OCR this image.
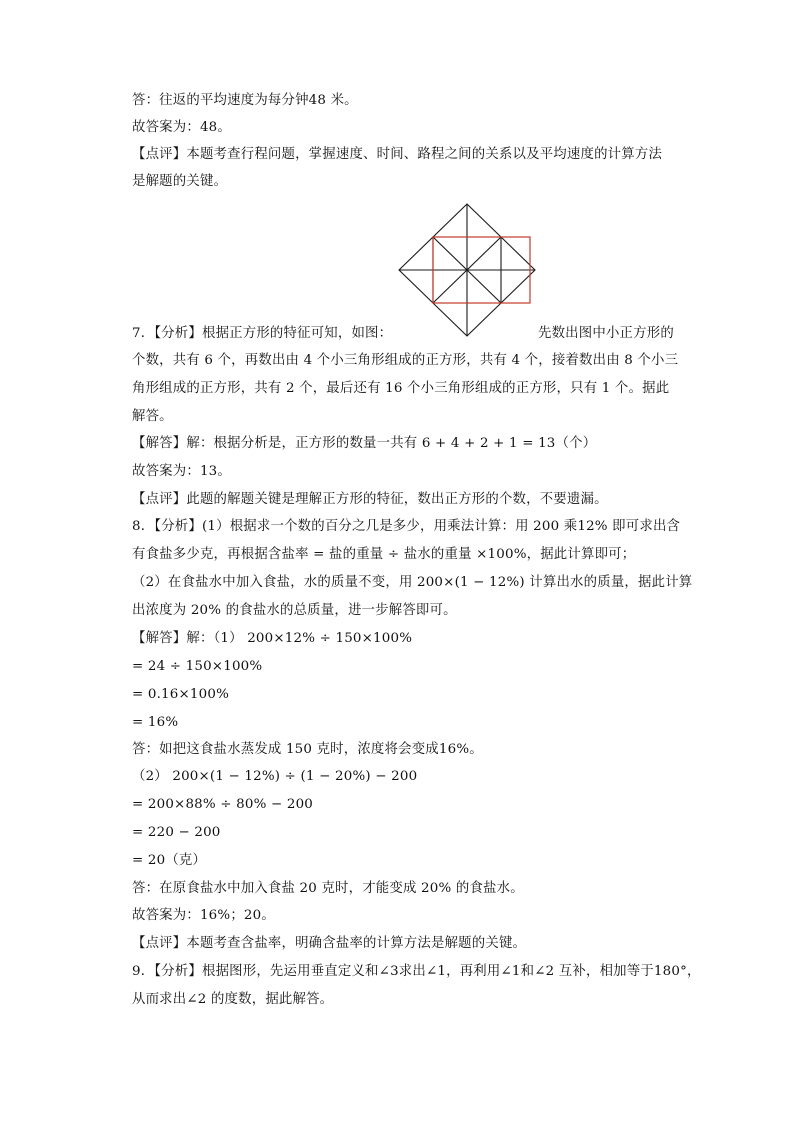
答：往返的平均速度为每分钟48 米。
故答案为：48。
【点评】本题考查行程问题，掌握速度、时间、路程之间的关系以及平均速度的计算方法
是解题的关键。
7．【分析】根据正方形的特征可知，如图：	先数出图中小正方形的
个数，共有 6 个，再数出由 4 个小三角形组成的正方形，共有 4 个，接着数出由 8 个小三
角形组成的正方形，共有 2 个，最后还有 16 个小三角形组成的正方形，只有 1 个。据此
解答。
【解答】解：根据分析是，正方形的数量一共有 6 + 4 + 2 + 1 = 13（个）
故答案为：13。
【点评】此题的解题关键是理解正方形的特征，数出正方形的个数，不要遗漏。
8．【分析】(1）根据求一个数的百分之几是多少，用乘法计算：用 200 乘12% 即可求出含
有食盐多少克，再根据含盐率 = 盐的重量 ÷ 盐水的重量 ×100%，据此计算即可；
（2）在食盐水中加入食盐，水的质量不变，用 200×(1 − 12%) 计算出水的质量，据此计算
出浓度为 20% 的食盐水的总质量，进一步解答即可。
【解答】解：（1） 200×12% ÷ 150×100%
= 24 ÷ 150×100%
= 0.16×100%
= 16%
答：如把这食盐水蒸发成 150 克时，浓度将会变成16%。
（2） 200×(1 − 12%) ÷ (1 − 20%) − 200
= 200×88% ÷ 80% − 200
= 220 − 200
= 20（克）
答：在原食盐水中加入食盐 20 克时，才能变成 20% 的食盐水。
故答案为：16%；20。
【点评】本题考查含盐率，明确含盐率的计算方法是解题的关键。
9．【分析】根据图形，先运用垂直定义和∠3求出∠1，再利用∠1和∠2 互补，相加等于180°，
从而求出∠2 的度数，据此解答。
